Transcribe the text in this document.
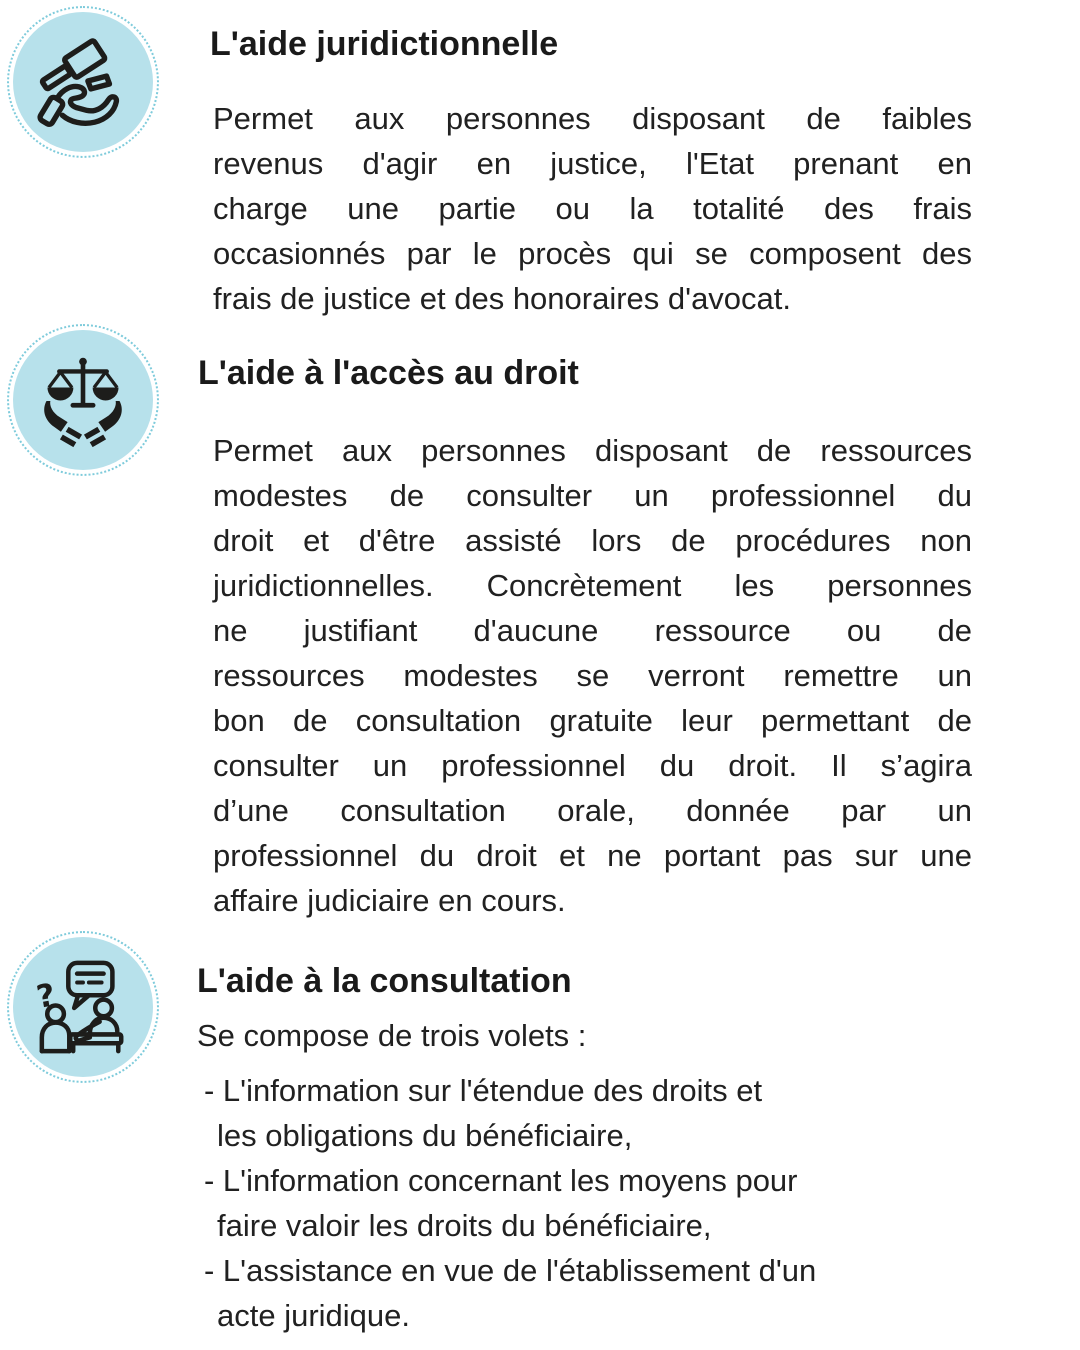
L'aide juridictionnelle
Permet aux personnes disposant de faibles
revenus d'agir en justice, l'Etat prenant en
charge une partie ou la totalité des frais
occasionnés par le procès qui se composent des
frais de justice et des honoraires d'avocat.
L'aide à l'accès au droit
Permet aux personnes disposant de ressources
modestes de consulter un professionnel du
droit et d'être assisté lors de procédures non
juridictionnelles. Concrètement les personnes
ne justifiant d'aucune ressource ou de
ressources modestes se verront remettre un
bon de consultation gratuite leur permettant de
consulter un professionnel du droit. Il s’agira
d’une consultation orale, donnée par un
professionnel du droit et ne portant pas sur une
affaire judiciaire en cours.
?	L'aide à la consultation
Se compose de trois volets :
- L'information sur l'étendue des droits et
les obligations du bénéficiaire,
- L'information concernant les moyens pour
faire valoir les droits du bénéficiaire,
- L'assistance en vue de l'établissement d'un
acte juridique.
